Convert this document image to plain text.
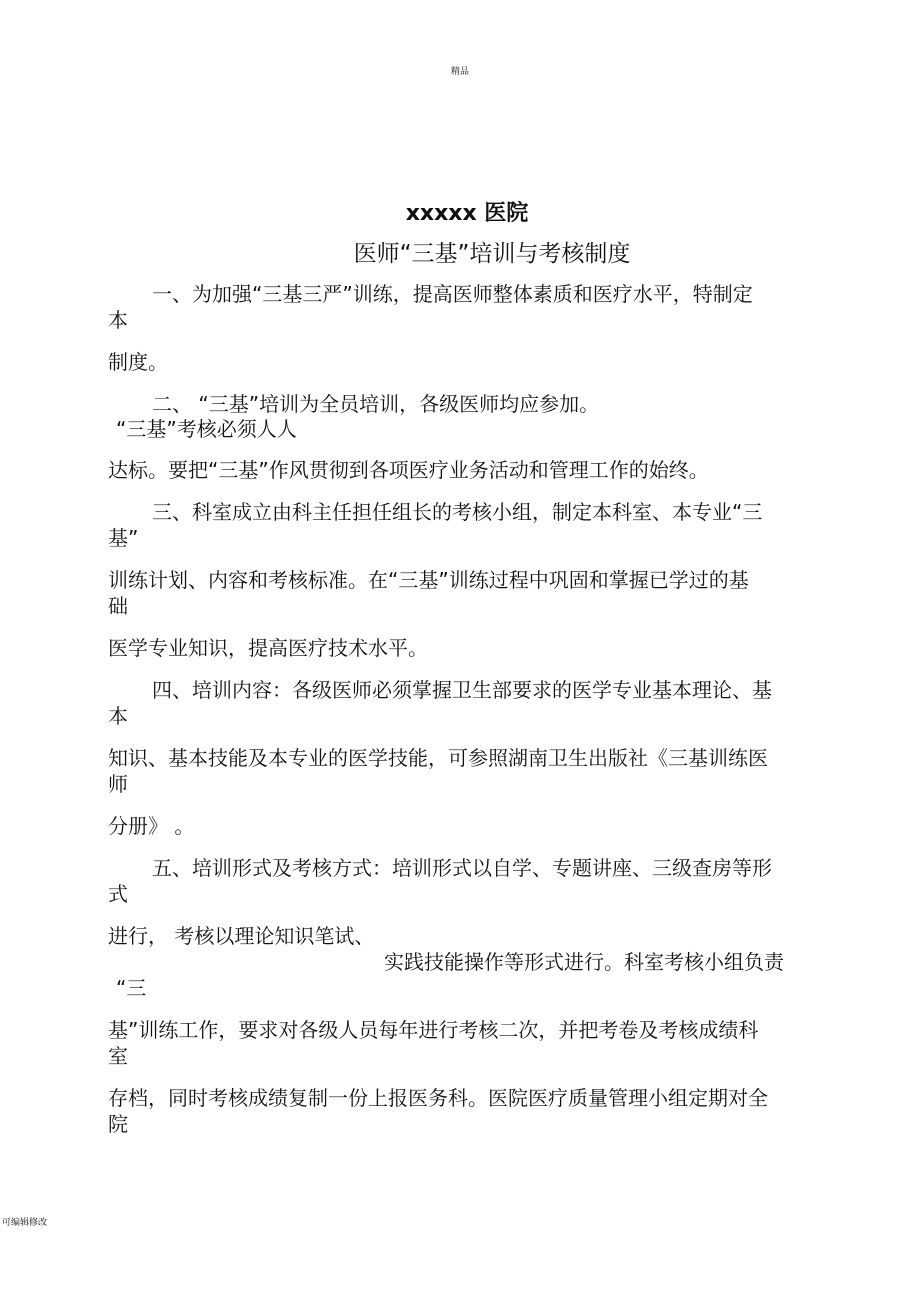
精品
xxxxx 医院
医师“三基”培训与考核制度
一、为加强“三基三严”训练，提高医师整体素质和医疗水平，特制定
本
制度。
二、 “三基”培训为全员培训，各级医师均应参加。
“三基”考核必须人人
达标。要把“三基”作风贯彻到各项医疗业务活动和管理工作的始终。
三、科室成立由科主任担任组长的考核小组，制定本科室、本专业“三
基”
训练计划、内容和考核标准。在“三基”训练过程中巩固和掌握已学过的基
础
医学专业知识，提高医疗技术水平。
四、培训内容：各级医师必须掌握卫生部要求的医学专业基本理论、基
本
知识、基本技能及本专业的医学技能，可参照湖南卫生出版社《三基训练医
师
分册》 。
五、培训形式及考核方式：培训形式以自学、专题讲座、三级查房等形
式
进行， 考核以理论知识笔试、
实践技能操作等形式进行。科室考核小组负责
“三
基”训练工作，要求对各级人员每年进行考核二次，并把考卷及考核成绩科
室
存档，同时考核成绩复制一份上报医务科。医院医疗质量管理小组定期对全
院
可编辑修改
